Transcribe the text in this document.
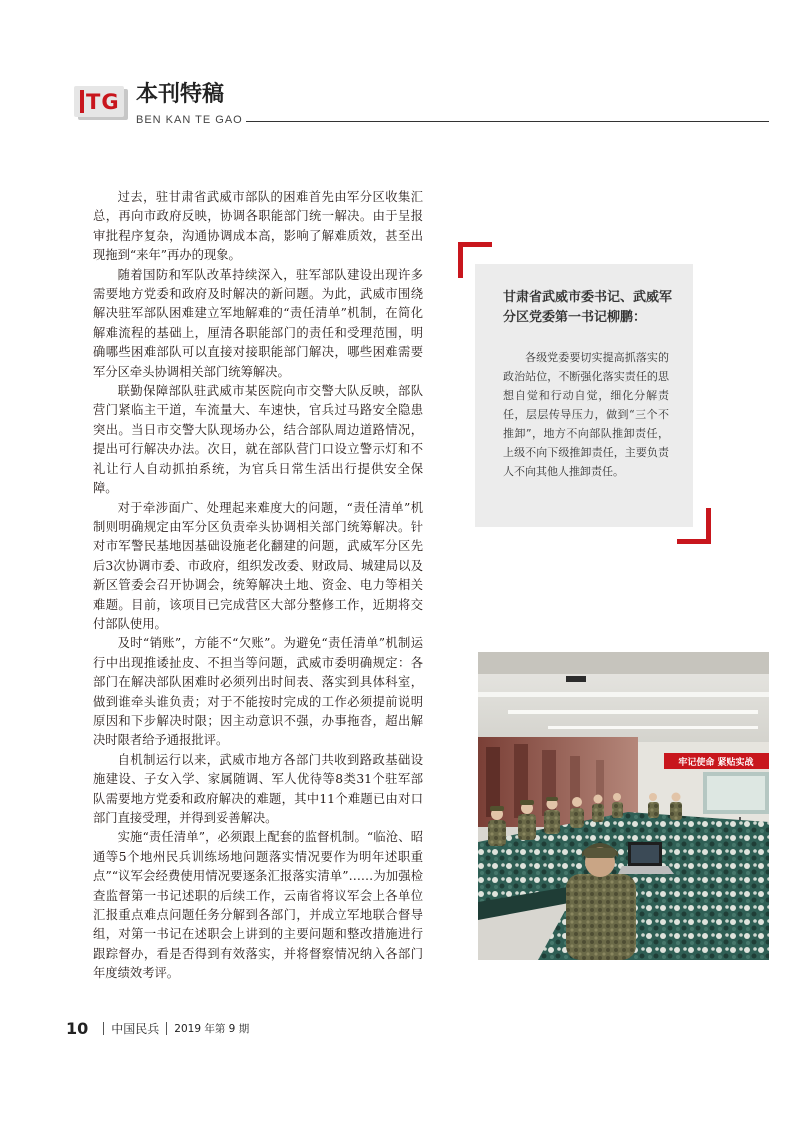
TG 本刊特稿
BEN KAN TE GAO

过去，驻甘肃省武威市部队的困难首先由军分区收集汇总，再向市政府反映，协调各职能部门统一解决。由于呈报审批程序复杂，沟通协调成本高，影响了解难质效，甚至出现拖到“来年”再办的现象。

随着国防和军队改革持续深入，驻军部队建设出现许多需要地方党委和政府及时解决的新问题。为此，武威市围绕解决驻军部队困难建立军地解难的“责任清单”机制，在简化解难流程的基础上，厘清各职能部门的责任和受理范围，明确哪些困难部队可以直接对接职能部门解决，哪些困难需要军分区牵头协调相关部门统筹解决。

联勤保障部队驻武威市某医院向市交警大队反映，部队营门紧临主干道，车流量大、车速快，官兵过马路安全隐患突出。当日市交警大队现场办公，结合部队周边道路情况，提出可行解决办法。次日，就在部队营门口设立警示灯和不礼让行人自动抓拍系统，为官兵日常生活出行提供安全保障。

对于牵涉面广、处理起来难度大的问题，“责任清单”机制则明确规定由军分区负责牵头协调相关部门统筹解决。针对市军警民基地因基础设施老化翻建的问题，武威军分区先后3次协调市委、市政府，组织发改委、财政局、城建局以及新区管委会召开协调会，统筹解决土地、资金、电力等相关难题。目前，该项目已完成营区大部分整修工作，近期将交付部队使用。

及时“销账”，方能不“欠账”。为避免“责任清单”机制运行中出现推诿扯皮、不担当等问题，武威市委明确规定：各部门在解决部队困难时必须列出时间表、落实到具体科室，做到谁牵头谁负责；对于不能按时完成的工作必须提前说明原因和下步解决时限；因主动意识不强，办事拖沓，超出解决时限者给予通报批评。

自机制运行以来，武威市地方各部门共收到路政基础设施建设、子女入学、家属随调、军人优待等8类31个驻军部队需要地方党委和政府解决的难题，其中11个难题已由对口部门直接受理，并得到妥善解决。

实施“责任清单”，必须跟上配套的监督机制。“临沧、昭通等5个地州民兵训练场地问题落实情况要作为明年述职重点”“议军会经费使用情况要逐条汇报落实清单”……为加强检查监督第一书记述职的后续工作，云南省将议军会上各单位汇报重点难点问题任务分解到各部门，并成立军地联合督导组，对第一书记在述职会上讲到的主要问题和整改措施进行跟踪督办，看是否得到有效落实，并将督察情况纳入各部门年度绩效考评。

甘肃省武威市委书记、武威军分区党委第一书记柳鹏：

各级党委要切实提高抓落实的政治站位，不断强化落实责任的思想自觉和行动自觉，细化分解责任，层层传导压力，做到“三个不推卸”，地方不向部队推卸责任，上级不向下级推卸责任，主要负责人不向其他人推卸责任。

牢记使命 紧贴实战
10 中国民兵 2019 年第 9 期
